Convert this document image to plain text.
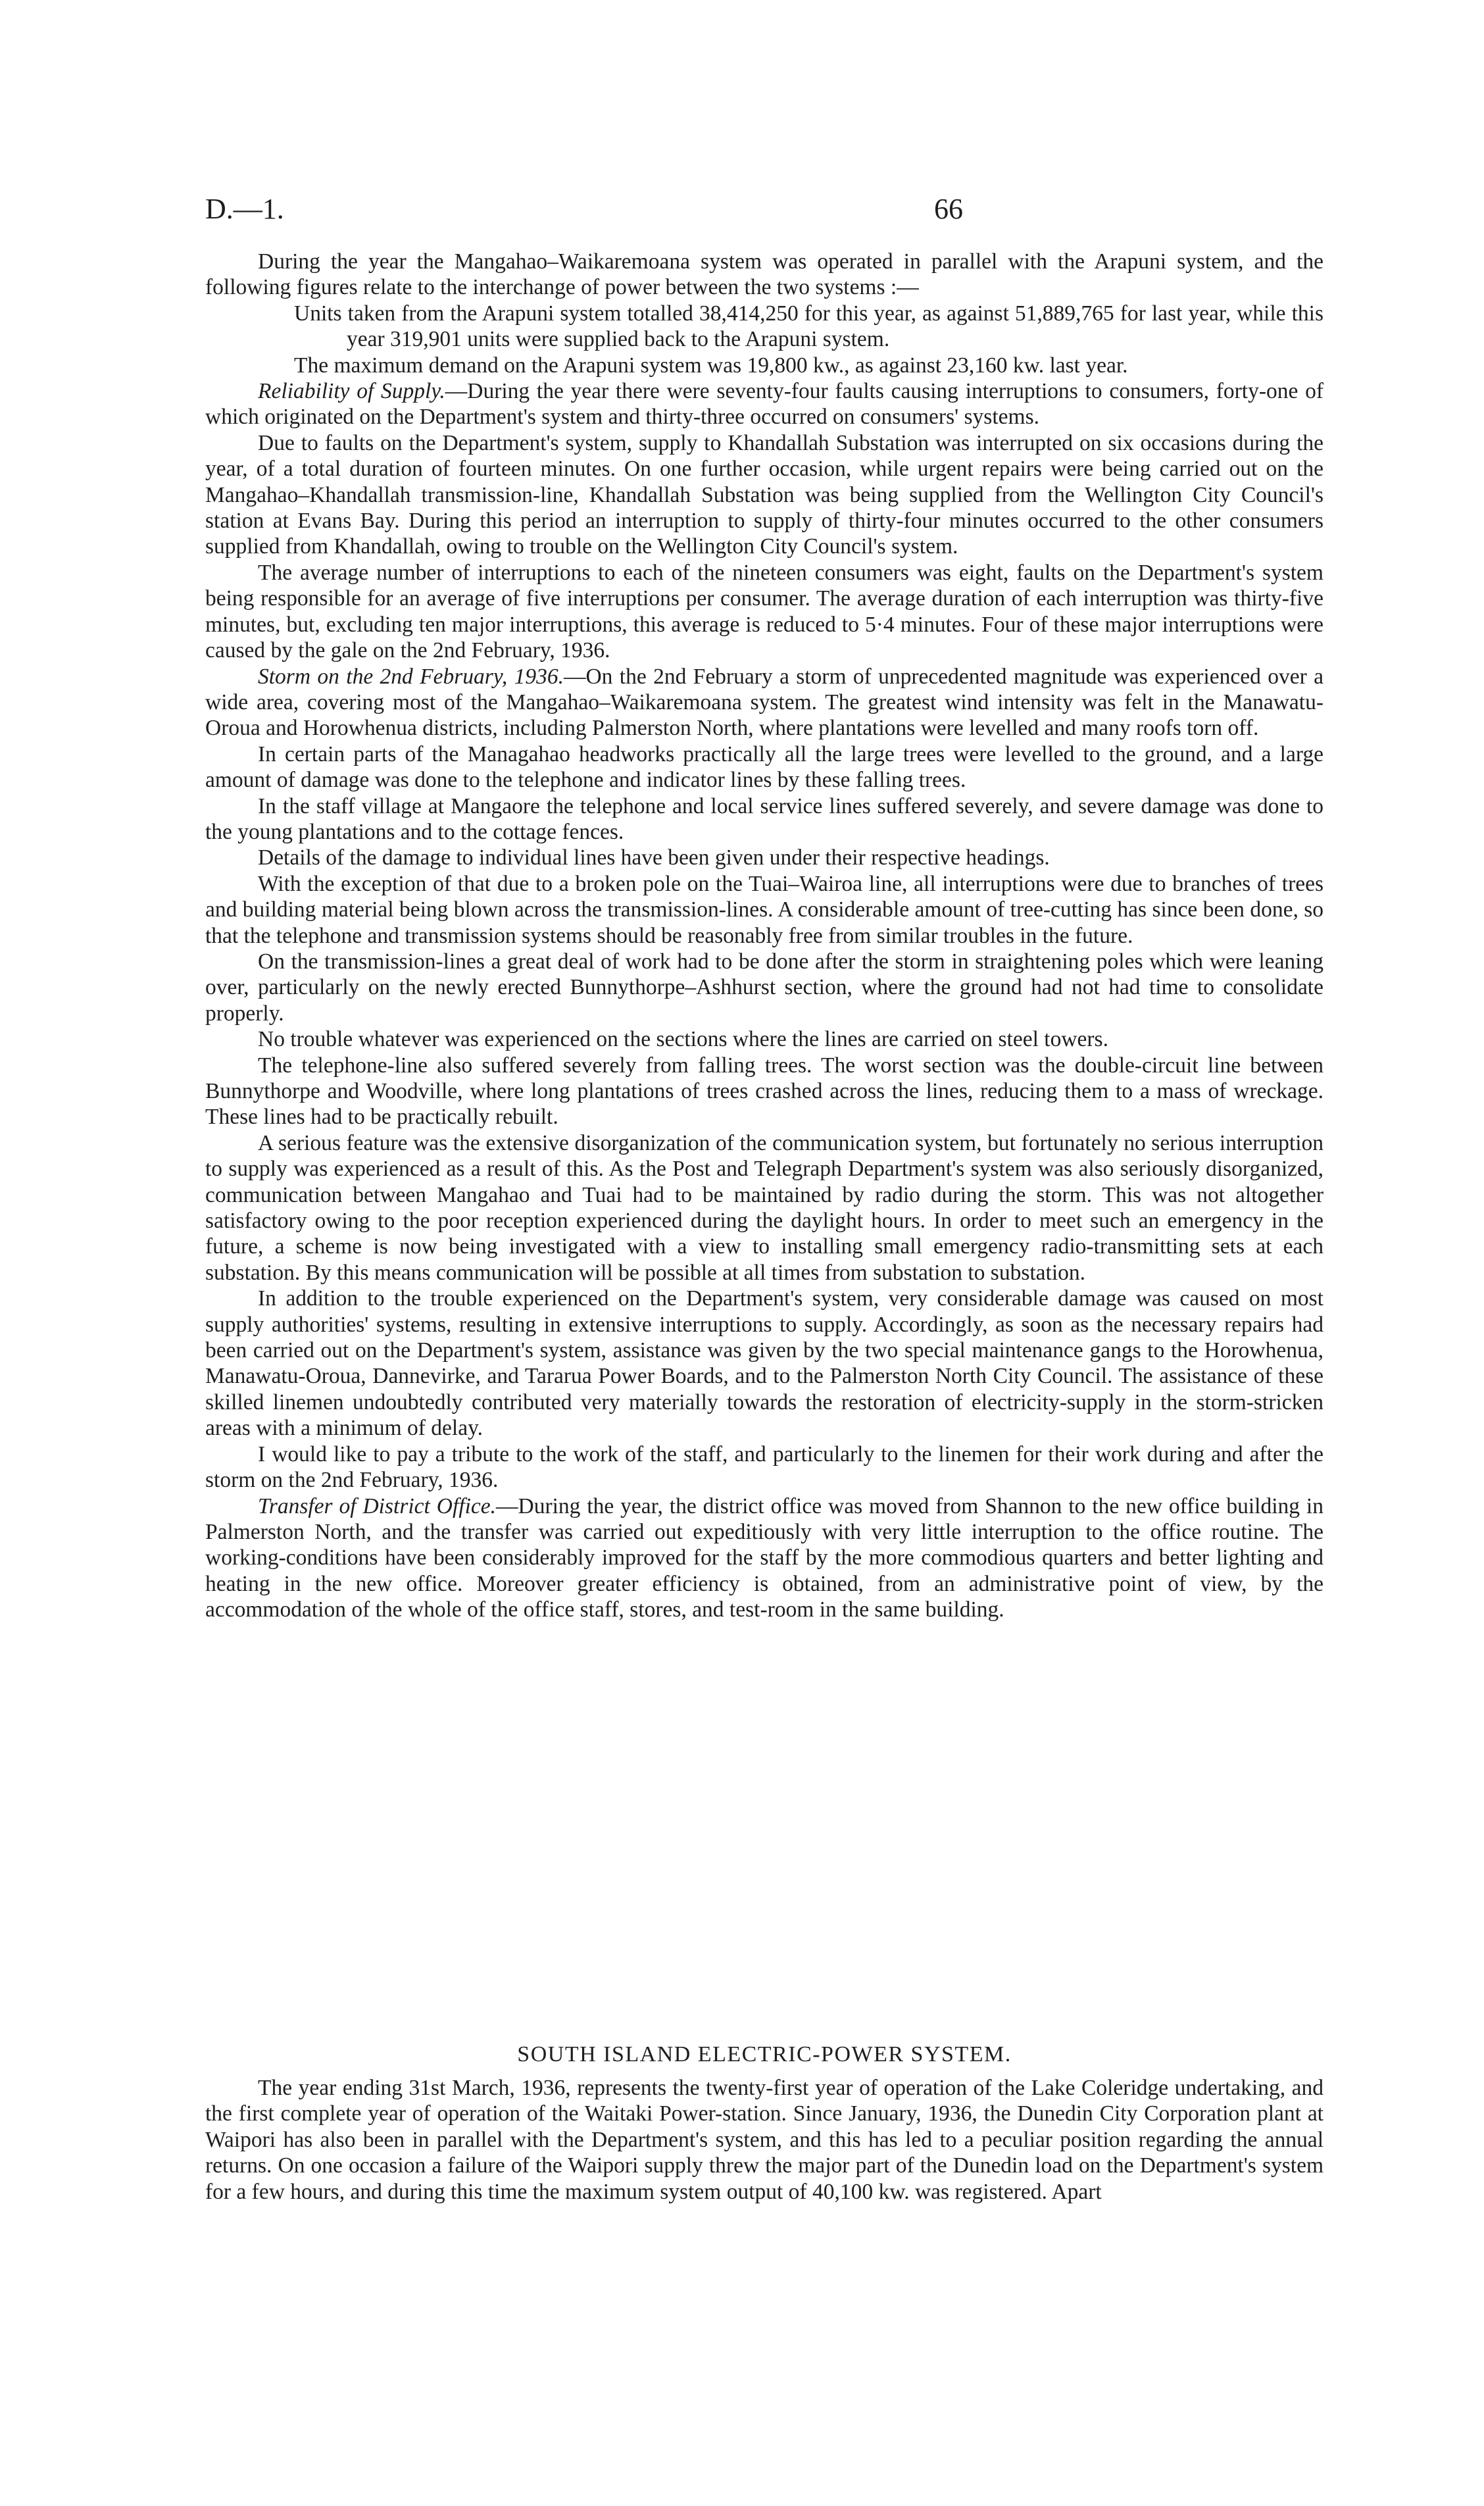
D.—1.	66

During the year the Mangahao–Waikaremoana system was operated in parallel with the Arapuni system, and the following figures relate to the interchange of power between the two systems :—

Units taken from the Arapuni system totalled 38,414,250 for this year, as against 51,889,765 for last year, while this year 319,901 units were supplied back to the Arapuni system.

The maximum demand on the Arapuni system was 19,800 kw., as against 23,160 kw. last year.

Reliability of Supply.—During the year there were seventy-four faults causing interruptions to consumers, forty-one of which originated on the Department's system and thirty-three occurred on consumers' systems.

Due to faults on the Department's system, supply to Khandallah Substation was interrupted on six occasions during the year, of a total duration of fourteen minutes. On one further occasion, while urgent repairs were being carried out on the Mangahao–Khandallah transmission-line, Khandallah Substation was being supplied from the Wellington City Council's station at Evans Bay. During this period an interruption to supply of thirty-four minutes occurred to the other consumers supplied from Khandallah, owing to trouble on the Wellington City Council's system.

The average number of interruptions to each of the nineteen consumers was eight, faults on the Department's system being responsible for an average of five interruptions per consumer. The average duration of each interruption was thirty-five minutes, but, excluding ten major interruptions, this average is reduced to 5·4 minutes. Four of these major interruptions were caused by the gale on the 2nd February, 1936.

Storm on the 2nd February, 1936.—On the 2nd February a storm of unprecedented magnitude was experienced over a wide area, covering most of the Mangahao–Waikaremoana system. The greatest wind intensity was felt in the Manawatu-Oroua and Horowhenua districts, including Palmerston North, where plantations were levelled and many roofs torn off.

In certain parts of the Managahao headworks practically all the large trees were levelled to the ground, and a large amount of damage was done to the telephone and indicator lines by these falling trees.

In the staff village at Mangaore the telephone and local service lines suffered severely, and severe damage was done to the young plantations and to the cottage fences.

Details of the damage to individual lines have been given under their respective headings.

With the exception of that due to a broken pole on the Tuai–Wairoa line, all interruptions were due to branches of trees and building material being blown across the transmission-lines. A considerable amount of tree-cutting has since been done, so that the telephone and transmission systems should be reasonably free from similar troubles in the future.

On the transmission-lines a great deal of work had to be done after the storm in straightening poles which were leaning over, particularly on the newly erected Bunnythorpe–Ashhurst section, where the ground had not had time to consolidate properly.

No trouble whatever was experienced on the sections where the lines are carried on steel towers.

The telephone-line also suffered severely from falling trees. The worst section was the double-circuit line between Bunnythorpe and Woodville, where long plantations of trees crashed across the lines, reducing them to a mass of wreckage. These lines had to be practically rebuilt.

A serious feature was the extensive disorganization of the communication system, but fortunately no serious interruption to supply was experienced as a result of this. As the Post and Telegraph Department's system was also seriously disorganized, communication between Mangahao and Tuai had to be maintained by radio during the storm. This was not altogether satisfactory owing to the poor reception experienced during the daylight hours. In order to meet such an emergency in the future, a scheme is now being investigated with a view to installing small emergency radio-transmitting sets at each substation. By this means communication will be possible at all times from substation to substation.

In addition to the trouble experienced on the Department's system, very considerable damage was caused on most supply authorities' systems, resulting in extensive interruptions to supply. Accordingly, as soon as the necessary repairs had been carried out on the Department's system, assistance was given by the two special maintenance gangs to the Horowhenua, Manawatu-Oroua, Dannevirke, and Tararua Power Boards, and to the Palmerston North City Council. The assistance of these skilled linemen undoubtedly contributed very materially towards the restoration of electricity-supply in the storm-stricken areas with a minimum of delay.

I would like to pay a tribute to the work of the staff, and particularly to the linemen for their work during and after the storm on the 2nd February, 1936.

Transfer of District Office.—During the year, the district office was moved from Shannon to the new office building in Palmerston North, and the transfer was carried out expeditiously with very little interruption to the office routine. The working-conditions have been considerably improved for the staff by the more commodious quarters and better lighting and heating in the new office. Moreover greater efficiency is obtained, from an administrative point of view, by the accommodation of the whole of the office staff, stores, and test-room in the same building.

SOUTH ISLAND ELECTRIC-POWER SYSTEM.

The year ending 31st March, 1936, represents the twenty-first year of operation of the Lake Coleridge undertaking, and the first complete year of operation of the Waitaki Power-station. Since January, 1936, the Dunedin City Corporation plant at Waipori has also been in parallel with the Department's system, and this has led to a peculiar position regarding the annual returns. On one occasion a failure of the Waipori supply threw the major part of the Dunedin load on the Department's system for a few hours, and during this time the maximum system output of 40,100 kw. was registered. Apart
